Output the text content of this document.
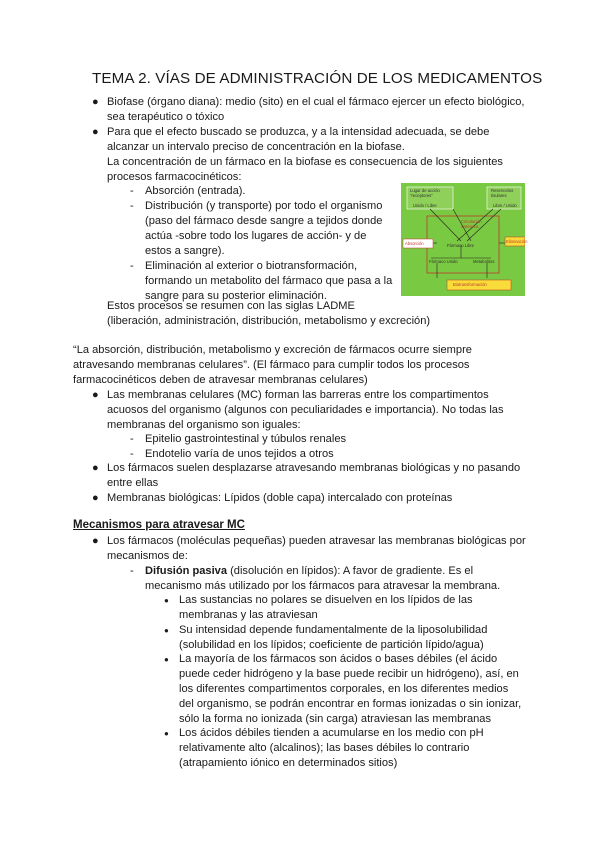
TEMA 2. VÍAS DE ADMINISTRACIÓN DE LOS MEDICAMENTOS
● Biofase (órgano diana): medio (sito) en el cual el fármaco ejercer un efecto biológico,
sea terapéutico o tóxico
● Para que el efecto buscado se produzca, y a la intensidad adecuada, se debe
alcanzar un intervalo preciso de concentración en la biofase.
La concentración de un fármaco en la biofase es consecuencia de los siguientes
procesos farmacocinéticos:
- Absorción (entrada).
- Distribución (y transporte) por todo el organismo
(paso del fármaco desde sangre a tejidos donde
actúa -sobre todo los lugares de acción- y de
estos a sangre).
- Eliminación al exterior o biotransformación,
formando un metabolito del fármaco que pasa a la
sangre para su posterior eliminación.
Estos procesos se resumen con las siglas LADME
(liberación, administración, distribución, metabolismo y excreción)
Lugar de acción
"receptores"
Reservorios
tisulares
Unido / Libre	Libre / Unido
Circulación
sistémica
Fármaco Libre
Fármaco Unido	Metabolitos
Absorción	Eliminación
Biotransformación
“La absorción, distribución, metabolismo y excreción de fármacos ocurre siempre
atravesando membranas celulares”. (El fármaco para cumplir todos los procesos
farmacocinéticos deben de atravesar membranas celulares)
● Las membranas celulares (MC) forman las barreras entre los compartimentos
acuosos del organismo (algunos con peculiaridades e importancia). No todas las
membranas del organismo son iguales:
- Epitelio gastrointestinal y túbulos renales
- Endotelio varía de unos tejidos a otros
● Los fármacos suelen desplazarse atravesando membranas biológicas y no pasando
entre ellas
● Membranas biológicas: Lípidos (doble capa) intercalado con proteínas
Mecanismos para atravesar MC
● Los fármacos (moléculas pequeñas) pueden atravesar las membranas biológicas por
mecanismos de:
- Difusión pasiva (disolución en lípidos): A favor de gradiente. Es el
mecanismo más utilizado por los fármacos para atravesar la membrana.
● Las sustancias no polares se disuelven en los lípidos de las
membranas y las atraviesan
● Su intensidad depende fundamentalmente de la liposolubilidad
(solubilidad en los lípidos; coeficiente de partición lípido/agua)
● La mayoría de los fármacos son ácidos o bases débiles (el ácido
puede ceder hidrógeno y la base puede recibir un hidrógeno), así, en
los diferentes compartimentos corporales, en los diferentes medios
del organismo, se podrán encontrar en formas ionizadas o sin ionizar,
sólo la forma no ionizada (sin carga) atraviesan las membranas
● Los ácidos débiles tienden a acumularse en los medio con pH
relativamente alto (alcalinos); las bases débiles lo contrario
(atrapamiento iónico en determinados sitios)
